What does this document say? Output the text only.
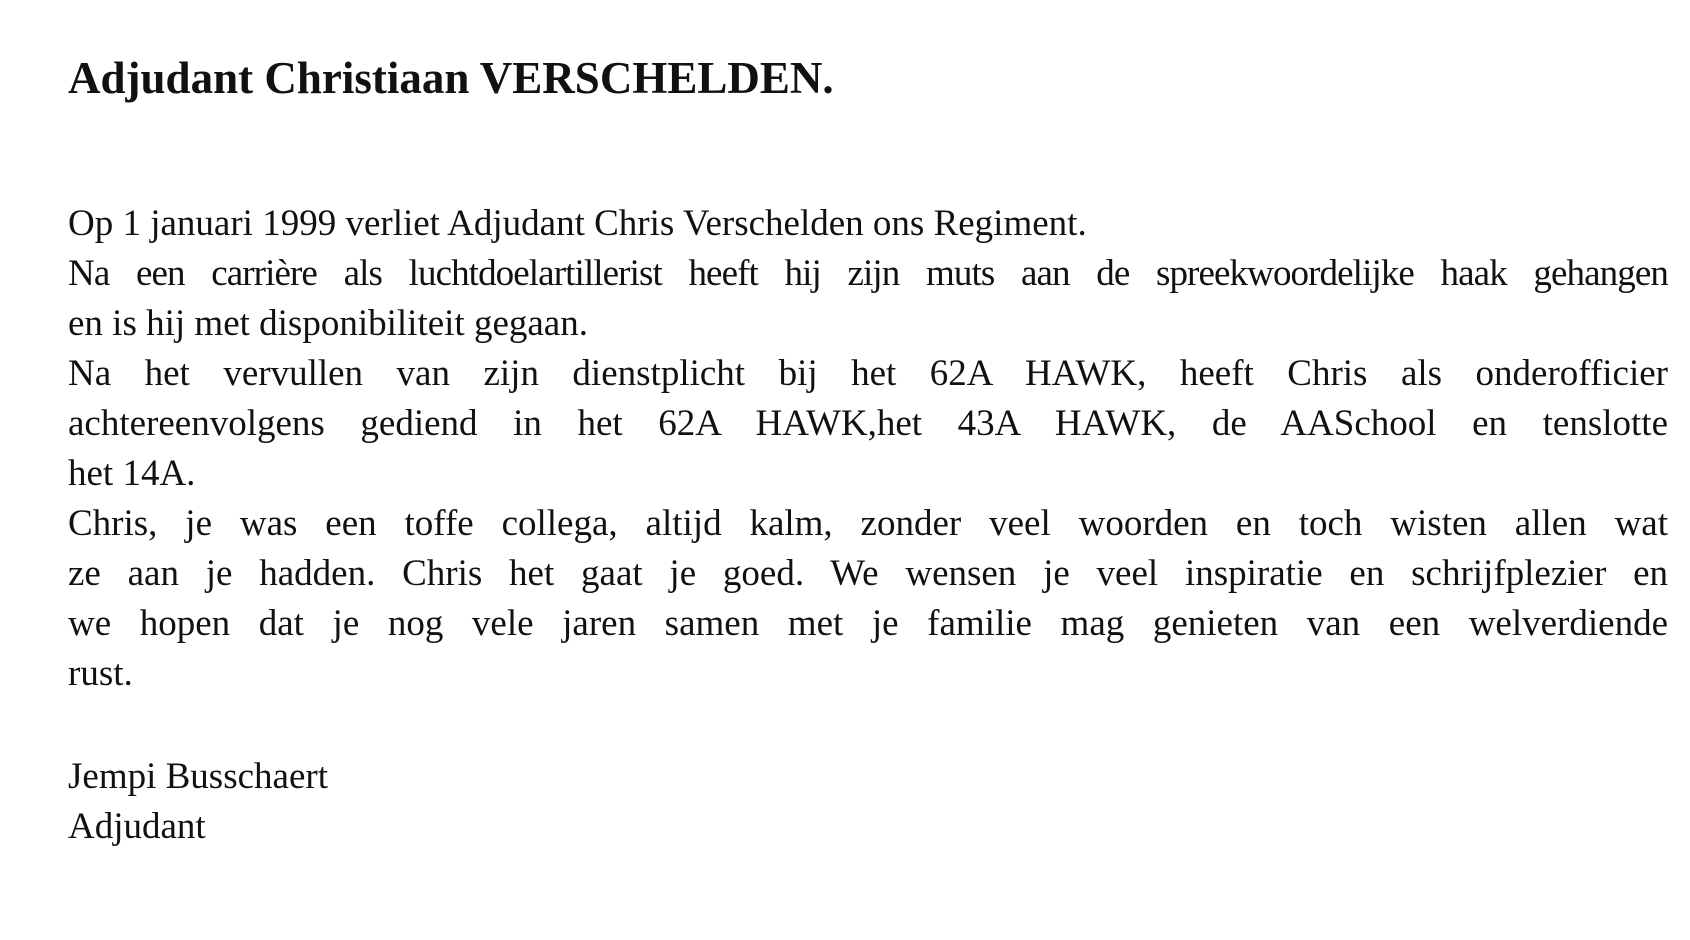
Adjudant Christiaan VERSCHELDEN.
Op 1 januari 1999 verliet Adjudant Chris Verschelden ons Regiment.
Na een carrière als luchtdoelartillerist heeft hij zijn muts aan de spreekwoordelijke haak gehangen
en is hij met disponibiliteit gegaan.
Na het vervullen van zijn dienstplicht bij het 62A HAWK, heeft Chris als onderofficier
achtereenvolgens gediend in het 62A HAWK,het 43A HAWK, de AASchool en tenslotte
het 14A.
Chris, je was een toffe collega, altijd kalm, zonder veel woorden en toch wisten allen wat
ze aan je hadden. Chris het gaat je goed. We wensen je veel inspiratie en schrijfplezier en
we hopen dat je nog vele jaren samen met je familie mag genieten van een welverdiende
rust.
Jempi Busschaert
Adjudant
